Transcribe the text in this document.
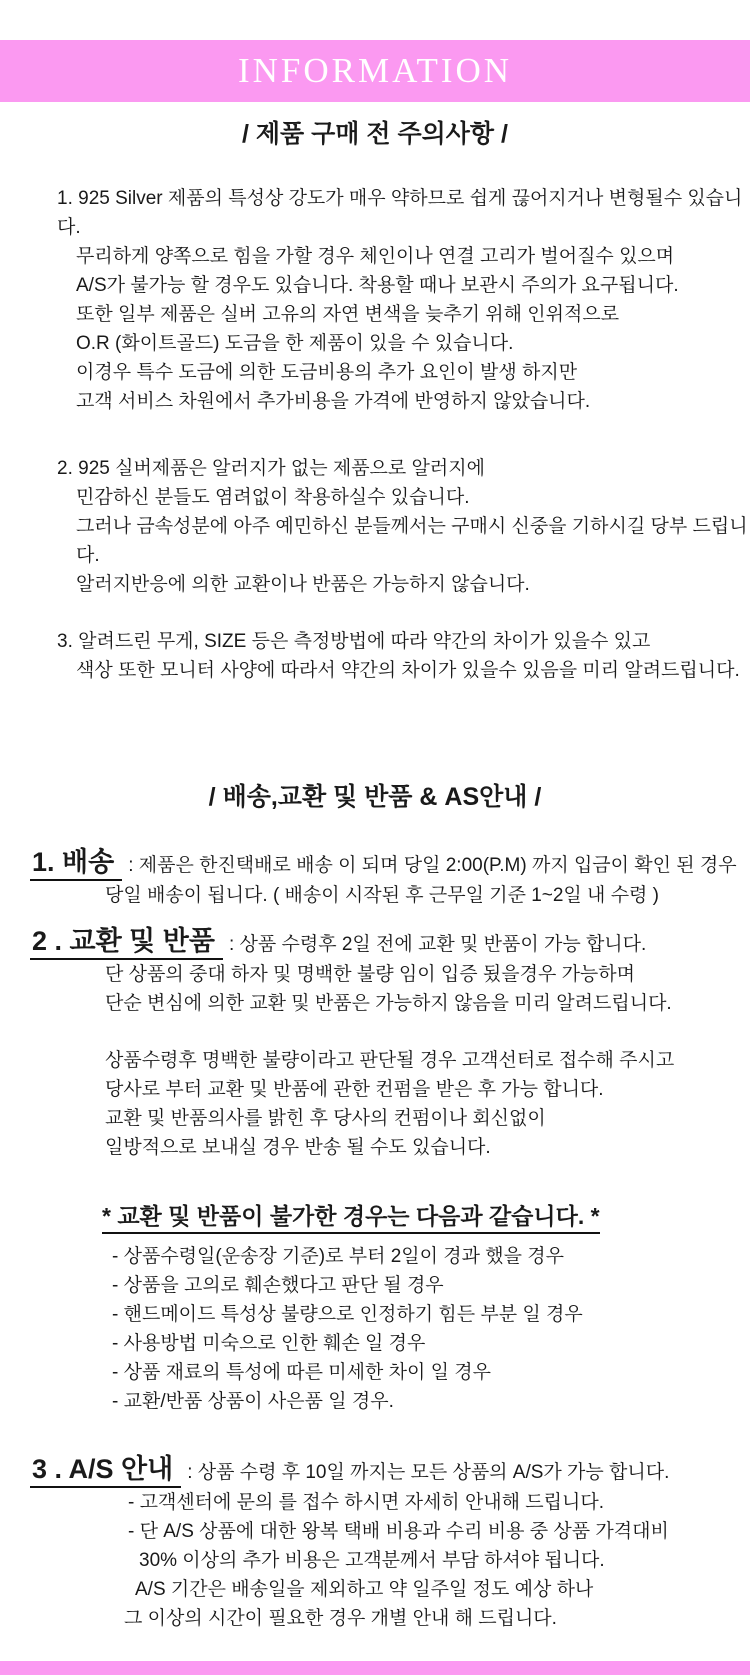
INFORMATION
/ 제품 구매 전 주의사항 /
1. 925 Silver 제품의 특성상 강도가 매우 약하므로 쉽게 끊어지거나 변형될수 있습니다.
무리하게 양쪽으로 힘을 가할 경우 체인이나 연결 고리가 벌어질수 있으며
A/S가 불가능 할 경우도 있습니다. 착용할 때나 보관시 주의가 요구됩니다.
또한 일부 제품은 실버 고유의 자연 변색을 늦추기 위해 인위적으로
O.R (화이트골드) 도금을 한 제품이 있을 수 있습니다.
이경우 특수 도금에 의한 도금비용의 추가 요인이 발생 하지만
고객 서비스 차원에서 추가비용을 가격에 반영하지 않았습니다.
2. 925 실버제품은 알러지가 없는 제품으로 알러지에
민감하신 분들도 염려없이 착용하실수 있습니다.
그러나 금속성분에 아주 예민하신 분들께서는 구매시 신중을 기하시길 당부 드립니다.
알러지반응에 의한 교환이나 반품은 가능하지 않습니다.
3. 알려드린 무게, SIZE 등은 측정방법에 따라 약간의 차이가 있을수 있고
색상 또한 모니터 사양에 따라서 약간의 차이가 있을수 있음을 미리 알려드립니다.
/ 배송,교환 및 반품 & AS안내 /
1. 배송 : 제품은 한진택배로 배송 이 되며 당일 2:00(P.M) 까지 입금이 확인 된 경우
당일 배송이 됩니다. ( 배송이 시작된 후 근무일 기준 1~2일 내 수령 )
2 . 교환 및 반품 : 상품 수령후 2일 전에 교환 및 반품이 가능 합니다.
단 상품의 중대 하자 및 명백한 불량 임이 입증 됬을경우 가능하며
단순 변심에 의한 교환 및 반품은 가능하지 않음을 미리 알려드립니다.
상품수령후 명백한 불량이라고 판단될 경우 고객선터로 접수해 주시고
당사로 부터 교환 및 반품에 관한 컨펌을 받은 후 가능 합니다.
교환 및 반품의사를 밝힌 후 당사의 컨펌이나 회신없이
일방적으로 보내실 경우 반송 될 수도 있습니다.
* 교환 및 반품이 불가한 경우는 다음과 같습니다. *
- 상품수령일(운송장 기준)로 부터 2일이 경과 했을 경우
- 상품을 고의로 훼손했다고 판단 될 경우
- 핸드메이드 특성상 불량으로 인정하기 힘든 부분 일 경우
- 사용방법 미숙으로 인한 훼손 일 경우
- 상품 재료의 특성에 따른 미세한 차이 일 경우
- 교환/반품 상품이 사은품 일 경우.
3 . A/S 안내 : 상품 수령 후 10일 까지는 모든 상품의 A/S가 가능 합니다.
- 고객센터에 문의 를 접수 하시면 자세히 안내해 드립니다.
- 단 A/S 상품에 대한 왕복 택배 비용과 수리 비용 중 상품 가격대비
30% 이상의 추가 비용은 고객분께서 부담 하셔야 됩니다.
A/S 기간은 배송일을 제외하고 약 일주일 정도 예상 하나
그 이상의 시간이 필요한 경우 개별 안내 해 드립니다.
